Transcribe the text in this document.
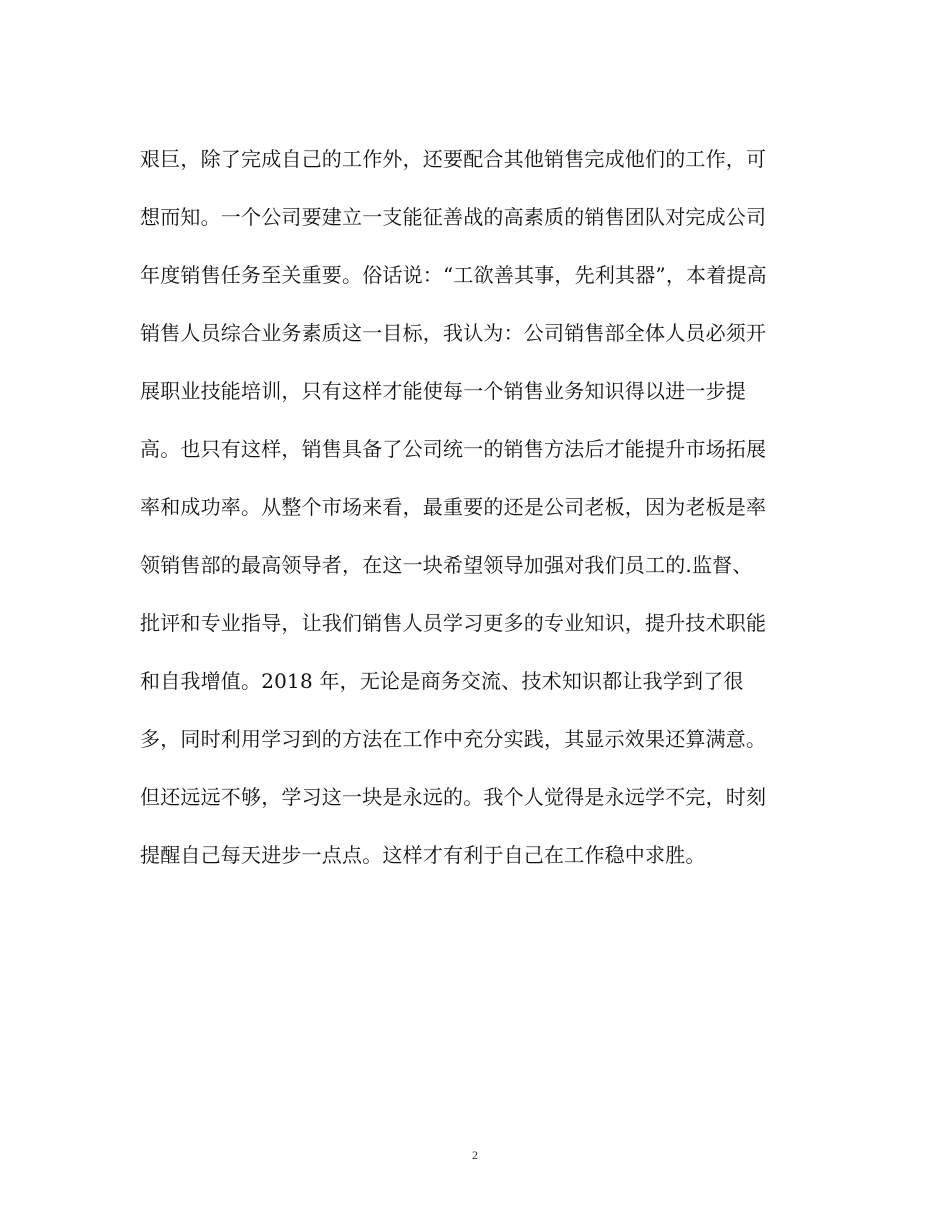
艰巨，除了完成自己的工作外，还要配合其他销售完成他们的工作，可

想而知。一个公司要建立一支能征善战的高素质的销售团队对完成公司

年度销售任务至关重要。俗话说：“工欲善其事，先利其器”，本着提高

销售人员综合业务素质这一目标，我认为：公司销售部全体人员必须开

展职业技能培训，只有这样才能使每一个销售业务知识得以进一步提

高。也只有这样，销售具备了公司统一的销售方法后才能提升市场拓展

率和成功率。从整个市场来看，最重要的还是公司老板，因为老板是率

领销售部的最高领导者，在这一块希望领导加强对我们员工的.监督、

批评和专业指导，让我们销售人员学习更多的专业知识，提升技术职能

和自我增值。2018 年，无论是商务交流、技术知识都让我学到了很

多，同时利用学习到的方法在工作中充分实践，其显示效果还算满意。

但还远远不够，学习这一块是永远的。我个人觉得是永远学不完，时刻

提醒自己每天进步一点点。这样才有利于自己在工作稳中求胜。

2
